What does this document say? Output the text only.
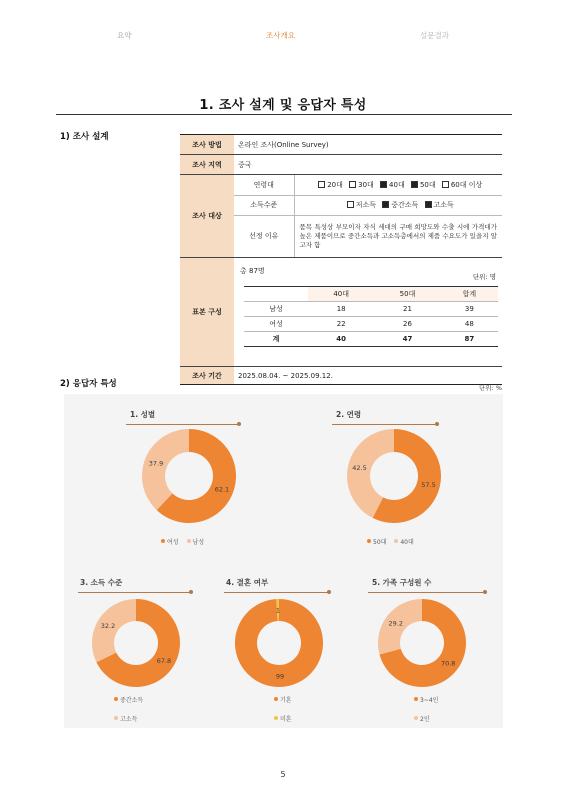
요약	조사개요	설문결과
1. 조사 설계 및 응답자 특성
1) 조사 설계
조사 방법	온라인 조사(Online Survey)
조사 지역	중국
조사 대상	
연령대	20대 30대 40대 50대 60대 이상
소득수준	저소득 중간소득 고소득
선정 이유	품목 특성상 부모이자 자식 세대의 구매 희망도와 수출 시에 가격대가 높은 제품이므로 중간소득과 고소득층에서의 제품 수요도가 있을지 알고자 함

표본 구성	
총 87명
단위: 명
	40대	50대	합계
남성	18	21	39
여성	22	26	48
계	40	47	87

조사 기간	2025.08.04. ~ 2025.09.12.
2) 응답자 특성	단위: %
1. 성별
62.1
37.9
여성 남성
2. 연령
57.5
42.5
50대 40대
3. 소득 수준
67.8
32.2
중간소득
고소득
4. 결혼 여부
99
1
기혼
미혼
5. 가족 구성원 수
70.8
29.2
3~4인
2인
5
